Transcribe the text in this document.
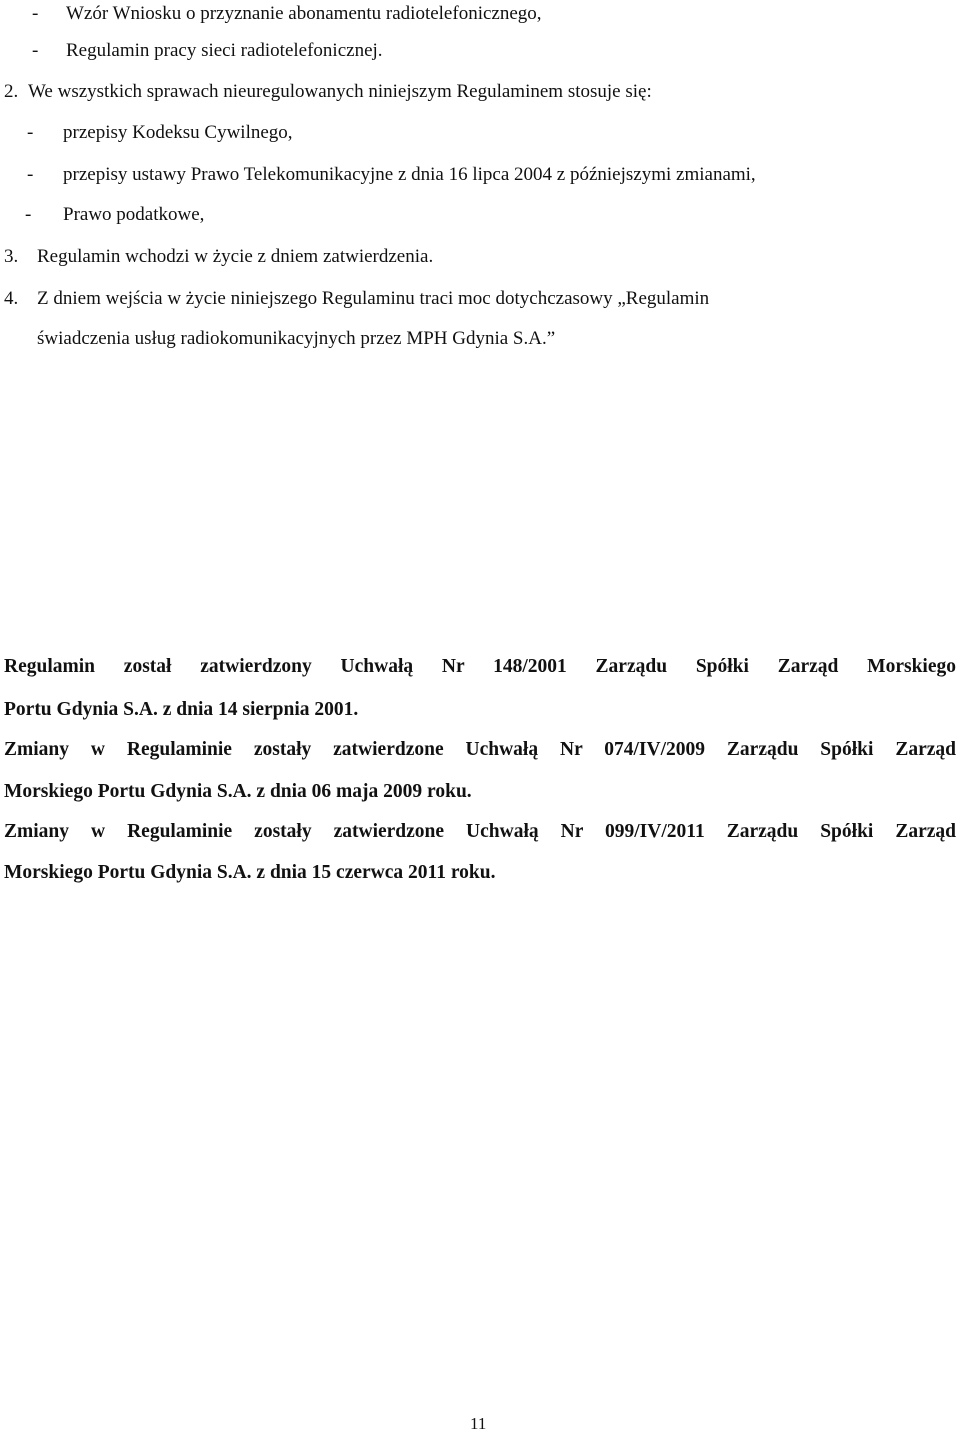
- Wzór Wniosku o przyznanie abonamentu radiotelefonicznego,
- Regulamin pracy sieci radiotelefonicznej.
2. We wszystkich sprawach nieuregulowanych niniejszym Regulaminem stosuje się:
- przepisy Kodeksu Cywilnego,
- przepisy ustawy Prawo Telekomunikacyjne z dnia 16 lipca 2004 z późniejszymi zmianami,
- Prawo podatkowe,
3. Regulamin wchodzi w życie z dniem zatwierdzenia.
4. Z dniem wejścia w życie niniejszego Regulaminu traci moc dotychczasowy „Regulamin
świadczenia usług radiokomunikacyjnych przez MPH Gdynia S.A.”
Regulamin został zatwierdzony Uchwałą Nr 148/2001 Zarządu Spółki Zarząd Morskiego
Portu Gdynia S.A. z dnia 14 sierpnia 2001.
Zmiany w Regulaminie zostały zatwierdzone Uchwałą Nr 074/IV/2009 Zarządu Spółki Zarząd
Morskiego Portu Gdynia S.A. z dnia 06 maja 2009 roku.
Zmiany w Regulaminie zostały zatwierdzone Uchwałą Nr 099/IV/2011 Zarządu Spółki Zarząd
Morskiego Portu Gdynia S.A. z dnia 15 czerwca 2011 roku.
11
